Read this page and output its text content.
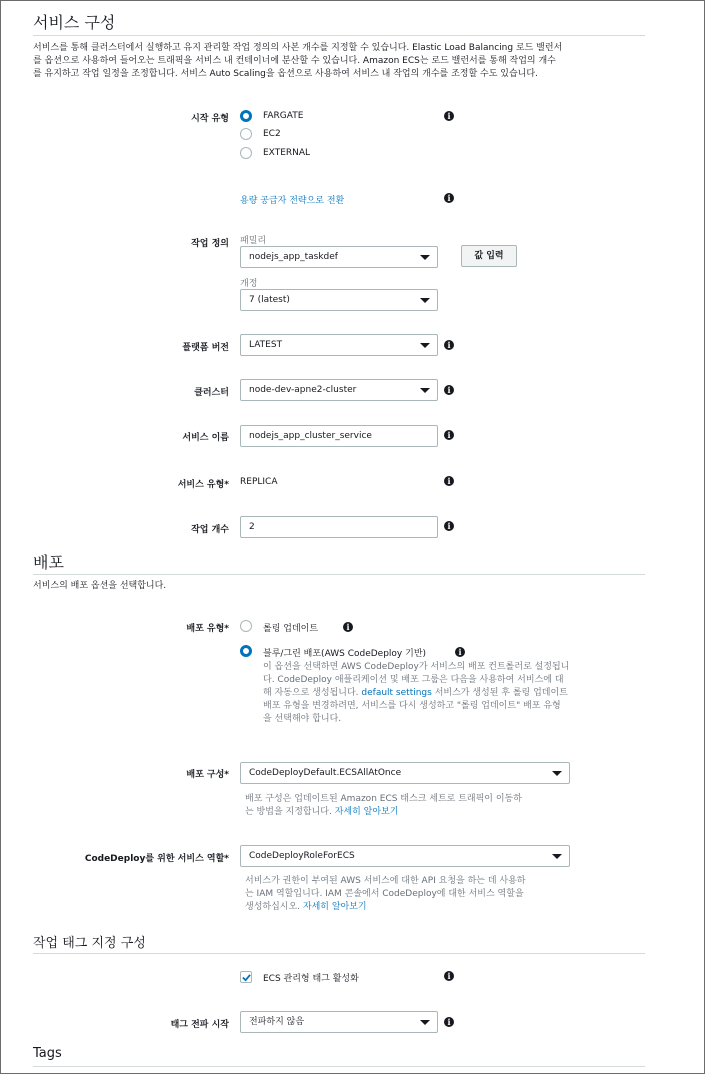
서비스 구성
서비스를 통해 클러스터에서 실행하고 유지 관리할 작업 정의의 사본 개수를 지정할 수 있습니다. Elastic Load Balancing 로드 밸런서
를 옵션으로 사용하여 들어오는 트래픽을 서비스 내 컨테이너에 분산할 수 있습니다. Amazon ECS는 로드 밸런서를 통해 작업의 개수
를 유지하고 작업 일정을 조정합니다. 서비스 Auto Scaling을 옵션으로 사용하여 서비스 내 작업의 개수를 조정할 수도 있습니다.
시작 유형	FARGATE
EC2
EXTERNAL
i
용량 공급자 전략으로 전환	i
작업 정의 패밀리
nodejs_app_taskdef	값 입력
개정
7 (latest)
플랫폼 버전	LATEST	i
클러스터	node-dev-apne2-cluster	i
서비스 이름	nodejs_app_cluster_service	i
서비스 유형* REPLICA	i
작업 개수	2	i
배포
서비스의 배포 옵션을 선택합니다.
배포 유형*	롤링 업데이트	i
블루/그린 배포(AWS CodeDeploy 기반)	i
이 옵션을 선택하면 AWS CodeDeploy가 서비스의 배포 컨트롤러로 설정됩니
다. CodeDeploy 애플리케이션 및 배포 그룹은 다음을 사용하여 서비스에 대
해 자동으로 생성됩니다. default settings 서비스가 생성된 후 롤링 업데이트
배포 유형을 변경하려면, 서비스를 다시 생성하고 "롤링 업데이트" 배포 유형
을 선택해야 합니다.
배포 구성*	CodeDeployDefault.ECSAllAtOnce
배포 구성은 업데이트된 Amazon ECS 태스크 세트로 트래픽이 이동하
는 방법을 지정합니다. 자세히 알아보기
CodeDeploy를 위한 서비스 역할*	CodeDeployRoleForECS
서비스가 권한이 부여된 AWS 서비스에 대한 API 요청을 하는 데 사용하
는 IAM 역할입니다. IAM 콘솔에서 CodeDeploy에 대한 서비스 역할을
생성하십시오. 자세히 알아보기
작업 태그 지정 구성
ECS 관리형 태그 활성화	i
태그 전파 시작	전파하지 않음	i
Tags
